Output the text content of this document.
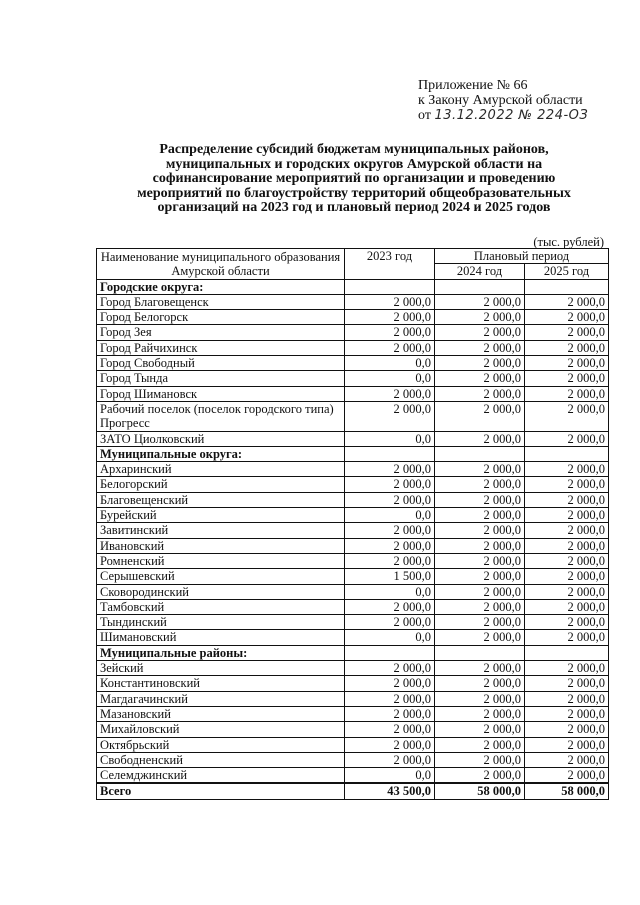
Приложение № 66
к Закону Амурской области
от 13.12.2022 № 224-ОЗ
Распределение субсидий бюджетам муниципальных районов,
муниципальных и городских округов Амурской области на
софинансирование мероприятий по организации и проведению
мероприятий по благоустройству территорий общеобразовательных
организаций на 2023 год и плановый период 2024 и 2025 годов
(тыс. рублей)
Наименование муниципального образования Амурской области	2023 год	Плановый период	
		2024 год	2025 год
Городские округа:			
Город Благовещенск	2 000,0	2 000,0	2 000,0
Город Белогорск	2 000,0	2 000,0	2 000,0
Город Зея	2 000,0	2 000,0	2 000,0
Город Райчихинск	2 000,0	2 000,0	2 000,0
Город Свободный	0,0	2 000,0	2 000,0
Город Тында	0,0	2 000,0	2 000,0
Город Шимановск	2 000,0	2 000,0	2 000,0
Рабочий поселок (поселок городского типа) Прогресс	2 000,0	2 000,0	2 000,0
ЗАТО Циолковский	0,0	2 000,0	2 000,0
Муниципальные округа:			
Архаринский	2 000,0	2 000,0	2 000,0
Белогорский	2 000,0	2 000,0	2 000,0
Благовещенский	2 000,0	2 000,0	2 000,0
Бурейский	0,0	2 000,0	2 000,0
Завитинский	2 000,0	2 000,0	2 000,0
Ивановский	2 000,0	2 000,0	2 000,0
Ромненский	2 000,0	2 000,0	2 000,0
Серышевский	1 500,0	2 000,0	2 000,0
Сковородинский	0,0	2 000,0	2 000,0
Тамбовский	2 000,0	2 000,0	2 000,0
Тындинский	2 000,0	2 000,0	2 000,0
Шимановский	0,0	2 000,0	2 000,0
Муниципальные районы:			
Зейский	2 000,0	2 000,0	2 000,0
Константиновский	2 000,0	2 000,0	2 000,0
Магдагачинский	2 000,0	2 000,0	2 000,0
Мазановский	2 000,0	2 000,0	2 000,0
Михайловский	2 000,0	2 000,0	2 000,0
Октябрьский	2 000,0	2 000,0	2 000,0
Свободненский	2 000,0	2 000,0	2 000,0
Селемджинский	0,0	2 000,0	2 000,0
Всего	43 500,0	58 000,0	58 000,0
